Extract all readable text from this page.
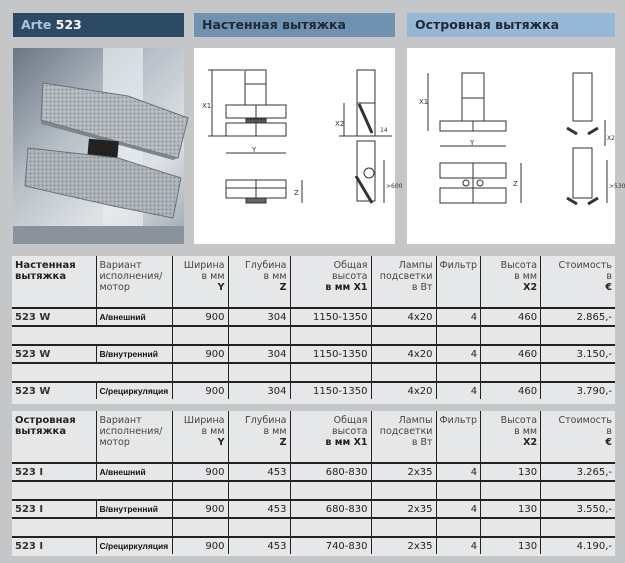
Arte 523	Настенная вытяжка	Островная вытяжка
X1
Y
Z
X2
14
>600
X1
Y
Z
X2
>530
Настенная
вытяжка	Вариант
исполнения/
мотор	Ширина
в мм
Y	Глубина
в мм
Z	Общая
высота
в мм X1	Лампы
подсветки
в Вт	Фильтр	Высота
в мм
X2	Стоимость
в
€
523 W	A/внешний	900	304	1150-1350	4x20	4	460	2.865,-

523 W	B/внутренний	900	304	1150-1350	4x20	4	460	3.150,-

523 W	C/рециркуляция	900	304	1150-1350	4x20	4	460	3.790,-
Островная
вытяжка	Вариант
исполнения/
мотор	Ширина
в мм
Y	Глубина
в мм
Z	Общая
высота
в мм X1	Лампы
подсветки
в Вт	Фильтр	Высота
в мм
X2	Стоимость
в
€
523 I	A/внешний	900	453	680-830	2x35	4	130	3.265,-

523 I	B/внутренний	900	453	680-830	2x35	4	130	3.550,-

523 I	C/рециркуляция	900	453	740-830	2x35	4	130	4.190,-
